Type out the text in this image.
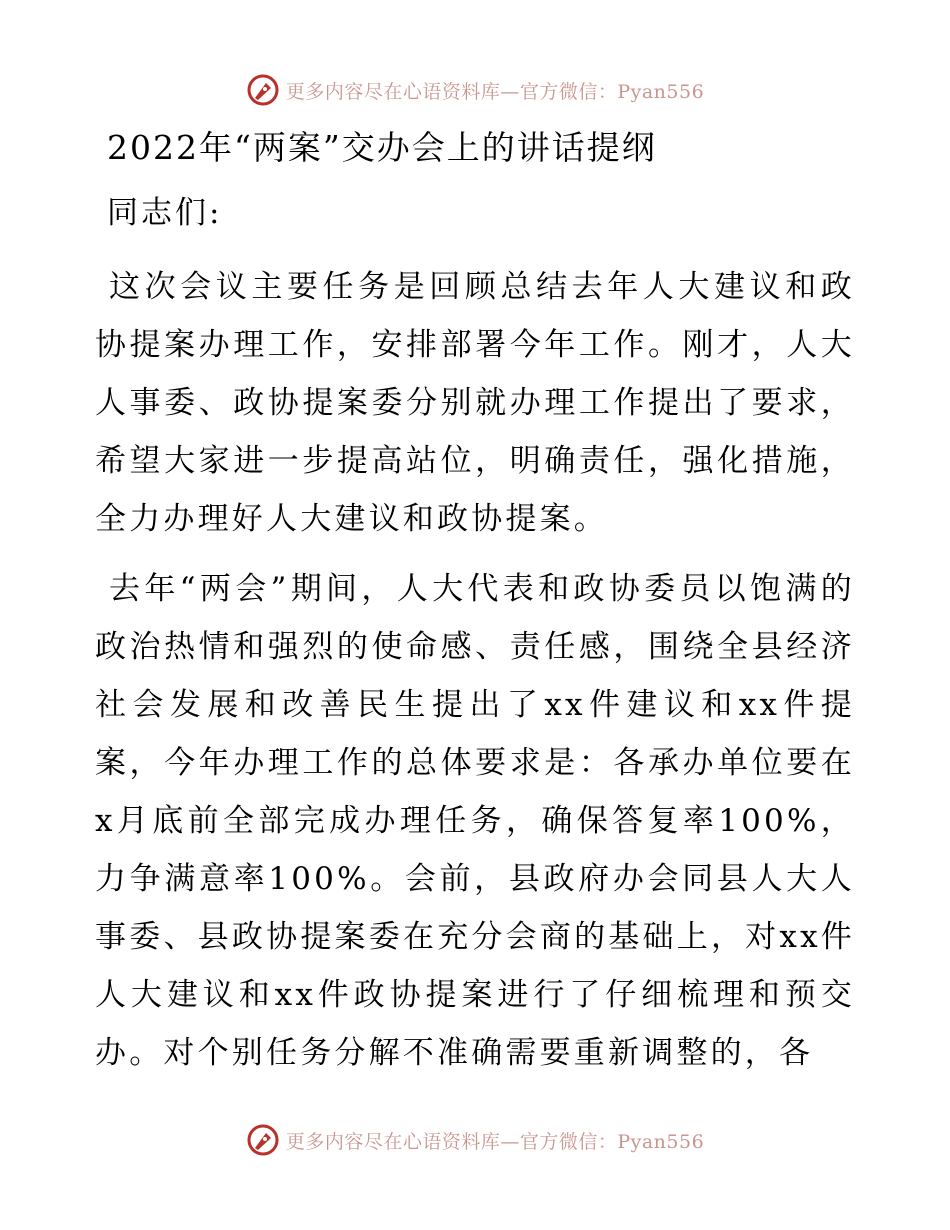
更多内容尽在心语资料库—官方微信：Pyan556
2022年“两案”交办会上的讲话提纲
同志们:

这次会议主要任务是回顾总结去年人大建议和政协提案办理工作，安排部署今年工作。刚才，人大人事委、政协提案委分别就办理工作提出了要求，希望大家进一步提高站位，明确责任，强化措施，全力办理好人大建议和政协提案。

去年“两会”期间，人大代表和政协委员以饱满的政治热情和强烈的使命感、责任感，围绕全县经济社会发展和改善民生提出了xx件建议和xx件提案，今年办理工作的总体要求是：各承办单位要在x月底前全部完成办理任务，确保答复率100%，力争满意率100%。会前，县政府办会同县人大人事委、县政协提案委在充分会商的基础上，对xx件人大建议和xx件政协提案进行了仔细梳理和预交办。对个别任务分解不准确需要重新调整的，各

更多内容尽在心语资料库—官方微信：Pyan556
